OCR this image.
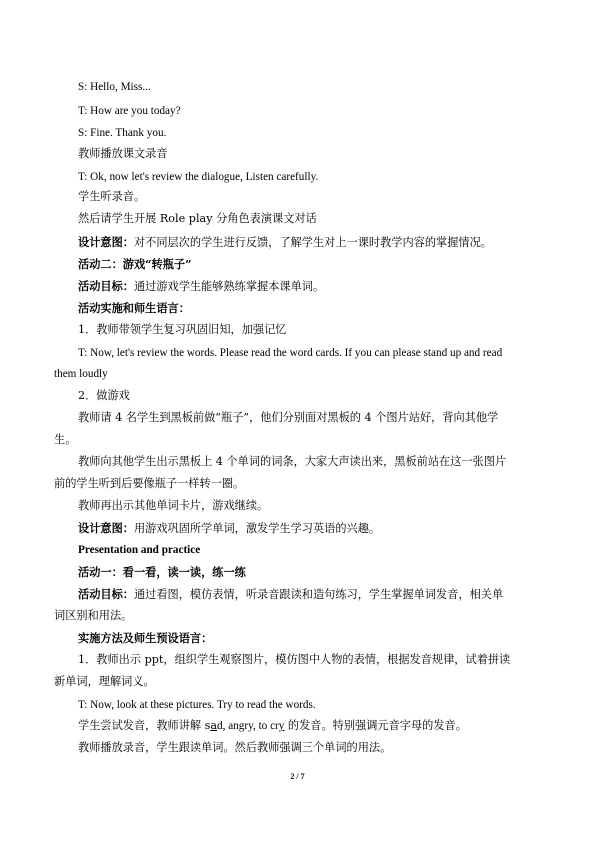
S: Hello, Miss...
T: How are you today?
S: Fine. Thank you.
教师播放课文录音
T: Ok, now let's review the dialogue, Listen carefully.
学生听录音。
然后请学生开展 Role play 分角色表演课文对话
设计意图：对不同层次的学生进行反馈，了解学生对上一课时教学内容的掌握情况。
活动二：游戏“转瓶子”
活动目标：通过游戏学生能够熟练掌握本课单词。
活动实施和师生语言：
1．教师带领学生复习巩固旧知，加强记忆
T: Now, let's review the words. Please read the word cards. If you can please stand up and read
them loudly
2．做游戏
教师请 4 名学生到黑板前做“瓶子”，他们分别面对黑板的 4 个图片站好，背向其他学
生。
教师向其他学生出示黑板上 4 个单词的词条，大家大声读出来，黑板前站在这一张图片
前的学生听到后要像瓶子一样转一圈。
教师再出示其他单词卡片，游戏继续。
设计意图：用游戏巩固所学单词，激发学生学习英语的兴趣。
Presentation and practice
活动一：看一看，读一读，练一练
活动目标：通过看图，模仿表情，听录音跟读和造句练习，学生掌握单词发音，相关单
词区别和用法。
实施方法及师生预设语言：
1．教师出示 ppt，组织学生观察图片，模仿图中人物的表情，根据发音规律，试着拼读
新单词，理解词义。
T: Now, look at these pictures. Try to read the words.
学生尝试发音，教师讲解 sad, angry, to cry 的发音。特别强调元音字母的发音。
教师播放录音，学生跟读单词。然后教师强调三个单词的用法。
2 / 7
